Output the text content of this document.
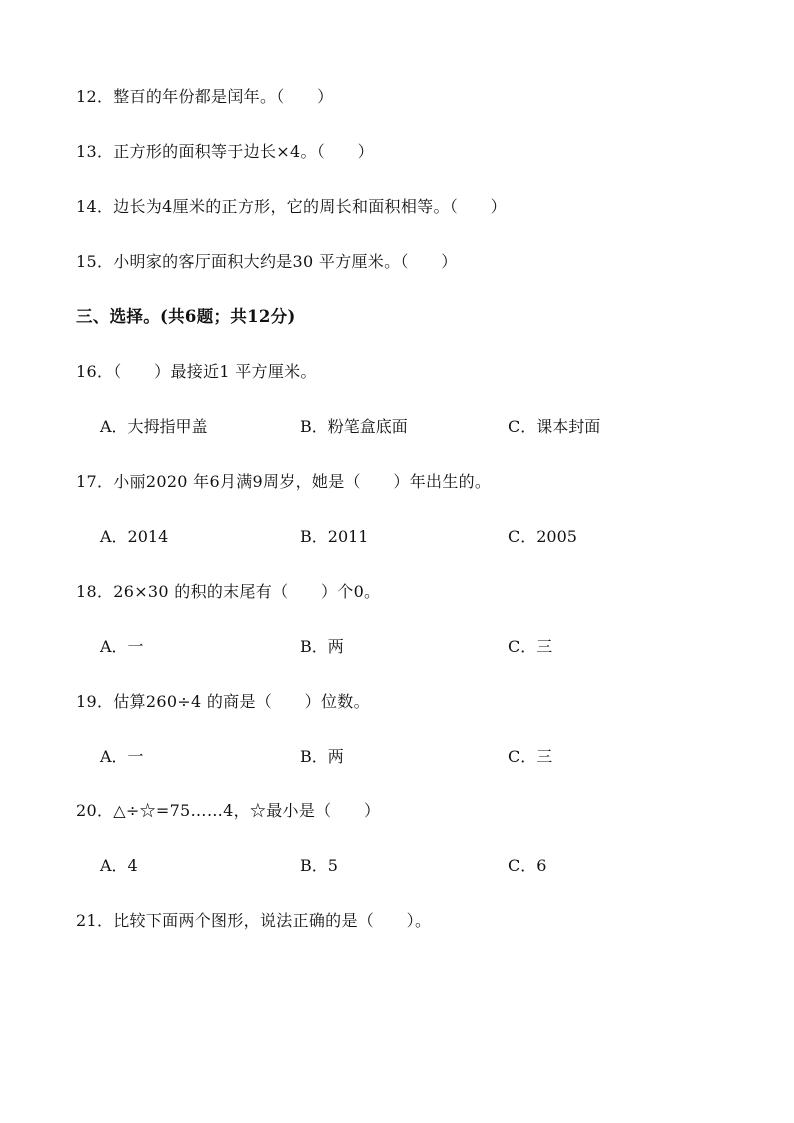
12．整百的年份都是闰年。（　　）
13．正方形的面积等于边长×4。（　　）
14．边长为4厘米的正方形，它的周长和面积相等。（　　）
15．小明家的客厅面积大约是30 平方厘米。（　　）
三、选择。(共6题；共12分)
16．（　　）最接近1 平方厘米。
A．大拇指甲盖	B．粉笔盒底面	C．课本封面
17．小丽2020 年6月满9周岁，她是（　　）年出生的。
A．2014	B．2011	C．2005
18．26×30 的积的末尾有（　　）个0。
A．一	B．两	C．三
19．估算260÷4 的商是（　　）位数。
A．一	B．两	C．三
20．△÷☆=75……4，☆最小是（　　）
A．4	B．5	C．6
21．比较下面两个图形，说法正确的是（　　）。
